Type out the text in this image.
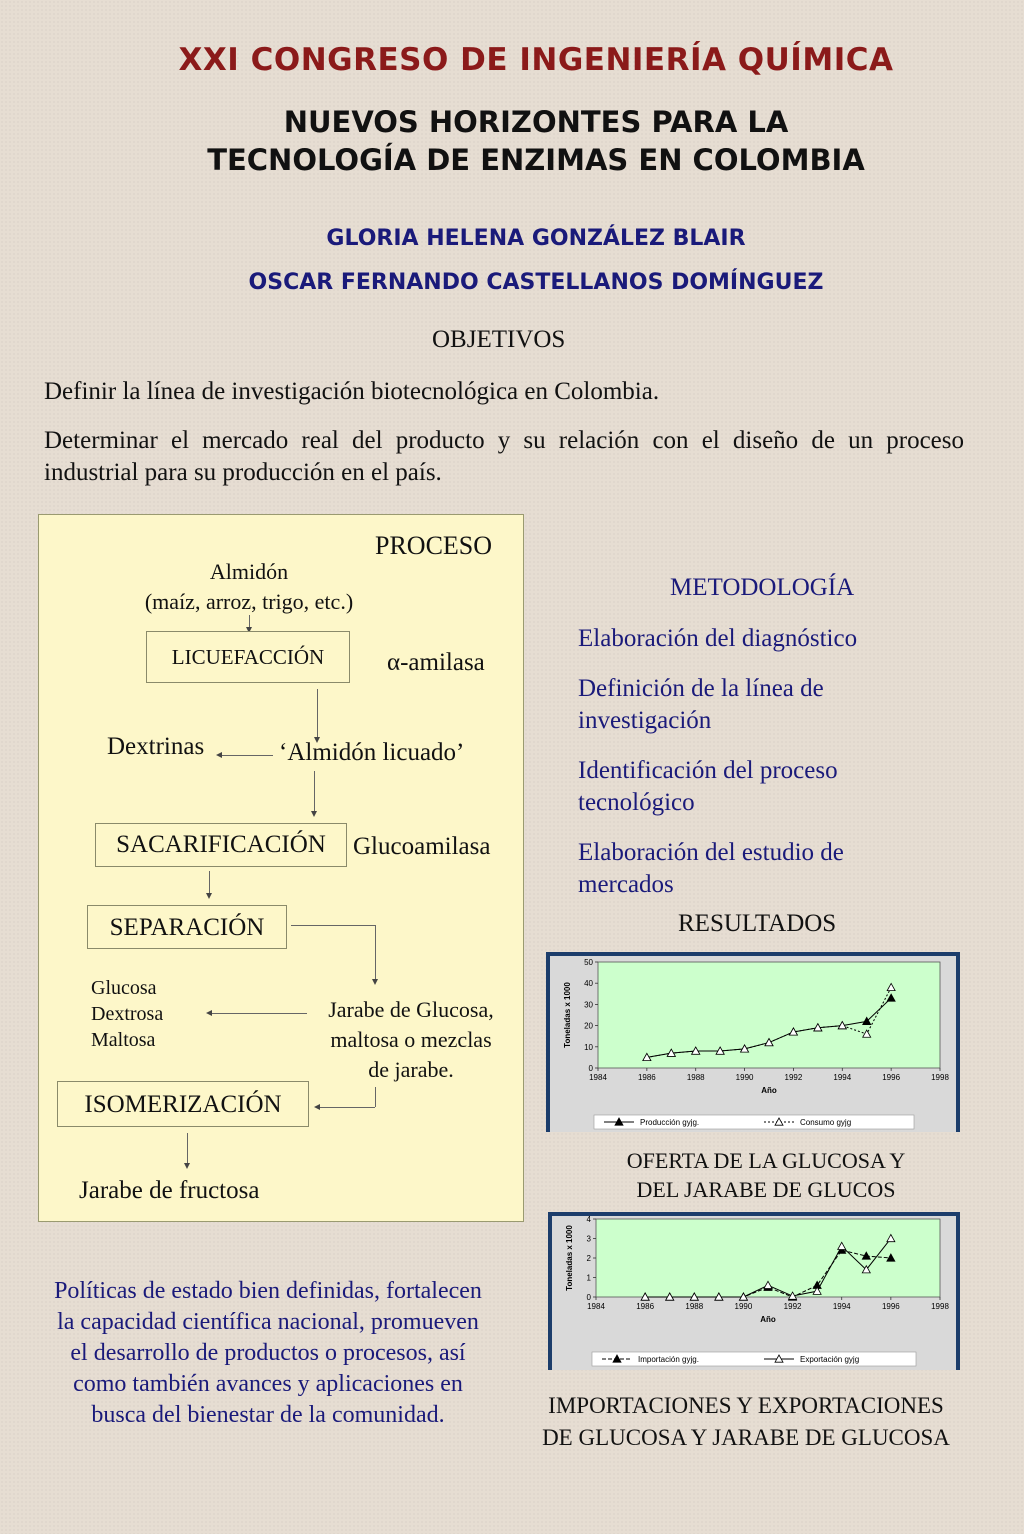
XXI CONGRESO DE INGENIERÍA QUÍMICA
NUEVOS HORIZONTES PARA LA
TECNOLOGÍA DE ENZIMAS EN COLOMBIA
GLORIA HELENA GONZÁLEZ BLAIR
OSCAR FERNANDO CASTELLANOS DOMÍNGUEZ
OBJETIVOS
Definir la línea de investigación biotecnológica en Colombia.
Determinar el mercado real del producto y su relación con el diseño de un proceso industrial para su producción en el país.
PROCESO
Almidón
(maíz, arroz, trigo, etc.)
LICUEFACCIÓN	α-amilasa
Dextrinas	‘Almidón licuado’
SACARIFICACIÓN	Glucoamilasa
SEPARACIÓN
Glucosa
Dextrosa
Maltosa
Jarabe de Glucosa,
maltosa o mezclas
de jarabe.
ISOMERIZACIÓN
Jarabe de fructosa
METODOLOGÍA
Elaboración del diagnóstico
Definición de la línea de investigación
Identificación del proceso tecnológico
Elaboración del estudio de mercados
RESULTADOS
0
10
20
30
40
50
1984	1986	1988	1990	1992	1994	1996	1998
Año
Toneladas x 1000
Producción gyjg.	Consumo gyjg
OFERTA DE LA GLUCOSA Y
DEL JARABE DE GLUCOS
0
1
2
3
4
1984	1986	1988	1990	1992	1994	1996	1998
Año
Toneladas x 1000
Importación gyjg.	Exportación gyjg
IMPORTACIONES Y EXPORTACIONES
DE GLUCOSA Y JARABE DE GLUCOSA
Políticas de estado bien definidas, fortalecen la capacidad científica nacional, promueven el desarrollo de productos o procesos, así como también avances y aplicaciones en busca del bienestar de la comunidad.
